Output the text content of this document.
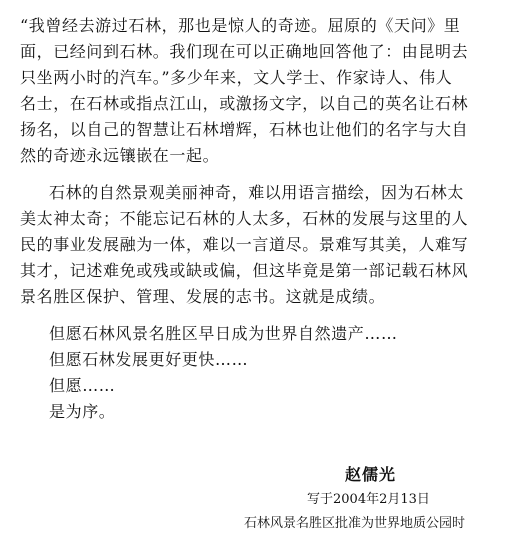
“我曾经去游过石林，那也是惊人的奇迹。屈原的《天问》里
面，已经问到石林。我们现在可以正确地回答他了：由昆明去
只坐两小时的汽车。”多少年来，文人学士、作家诗人、伟人
名士，在石林或指点江山，或激扬文字，以自己的英名让石林
扬名，以自己的智慧让石林增辉，石林也让他们的名字与大自
然的奇迹永远镶嵌在一起。
石林的自然景观美丽神奇，难以用语言描绘，因为石林太
美太神太奇；不能忘记石林的人太多，石林的发展与这里的人
民的事业发展融为一体，难以一言道尽。景难写其美，人难写
其才，记述难免或残或缺或偏，但这毕竟是第一部记载石林风
景名胜区保护、管理、发展的志书。这就是成绩。
但愿石林风景名胜区早日成为世界自然遗产……
但愿石林发展更好更快……
但愿……
是为序。
赵儒光
写于2004年2月13日
石林风景名胜区批准为世界地质公园时
